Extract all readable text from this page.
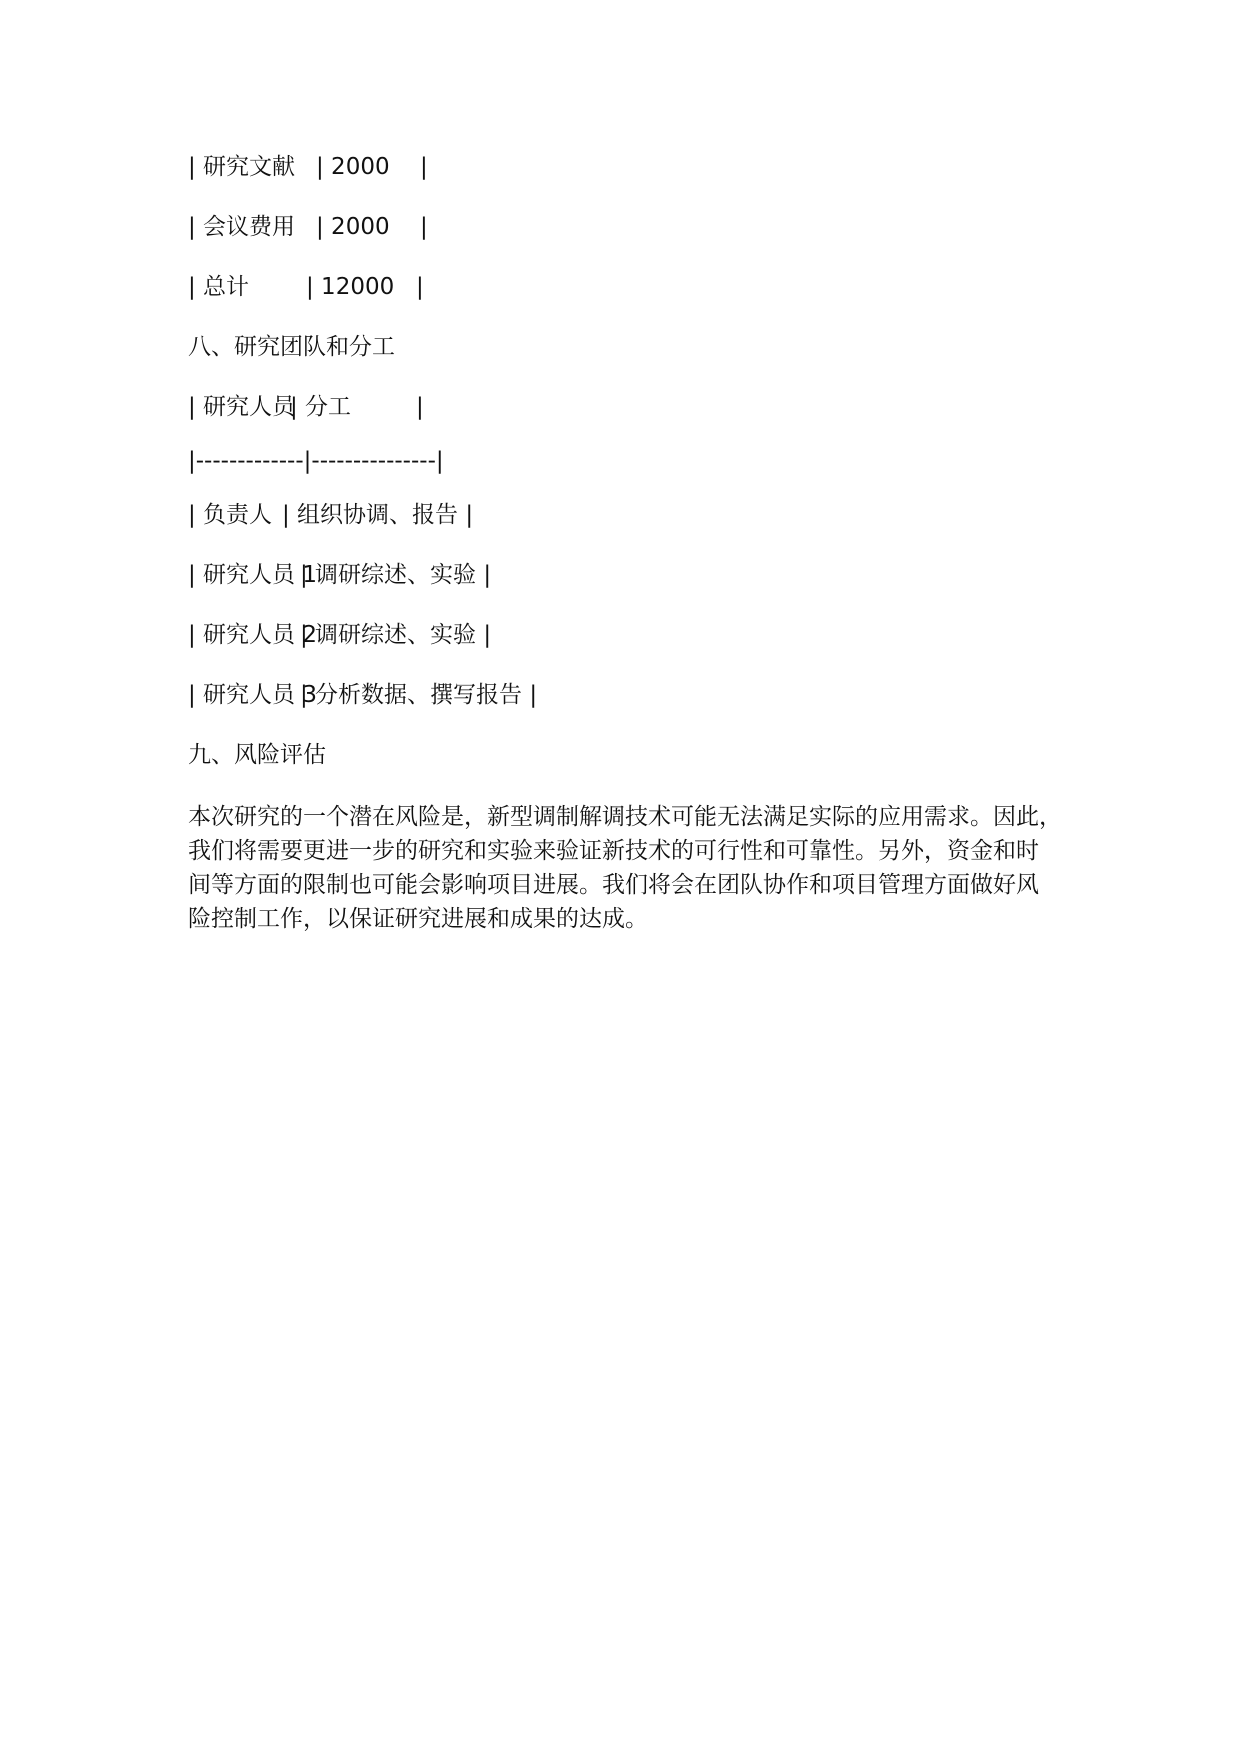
| 研究文献 | 2000 |
| 会议费用 | 2000 |
| 总计 | 12000 |
八、研究团队和分工
| 研究人员
| 分工	|
|-------------|---------------|
| 负责人 | 组织协调、报告 |
| 研究人员 1
| 调研综述、实验 |
| 研究人员 2
| 调研综述、实验 |
| 研究人员 3
| 分析数据、撰写报告 |
九、风险评估
本次研究的一个潜在风险是，新型调制解调技术可能无法满足实际的应用需求。因此，
我们将需要更进一步的研究和实验来验证新技术的可行性和可靠性。另外，资金和时
间等方面的限制也可能会影响项目进展。我们将会在团队协作和项目管理方面做好风
险控制工作，以保证研究进展和成果的达成。
